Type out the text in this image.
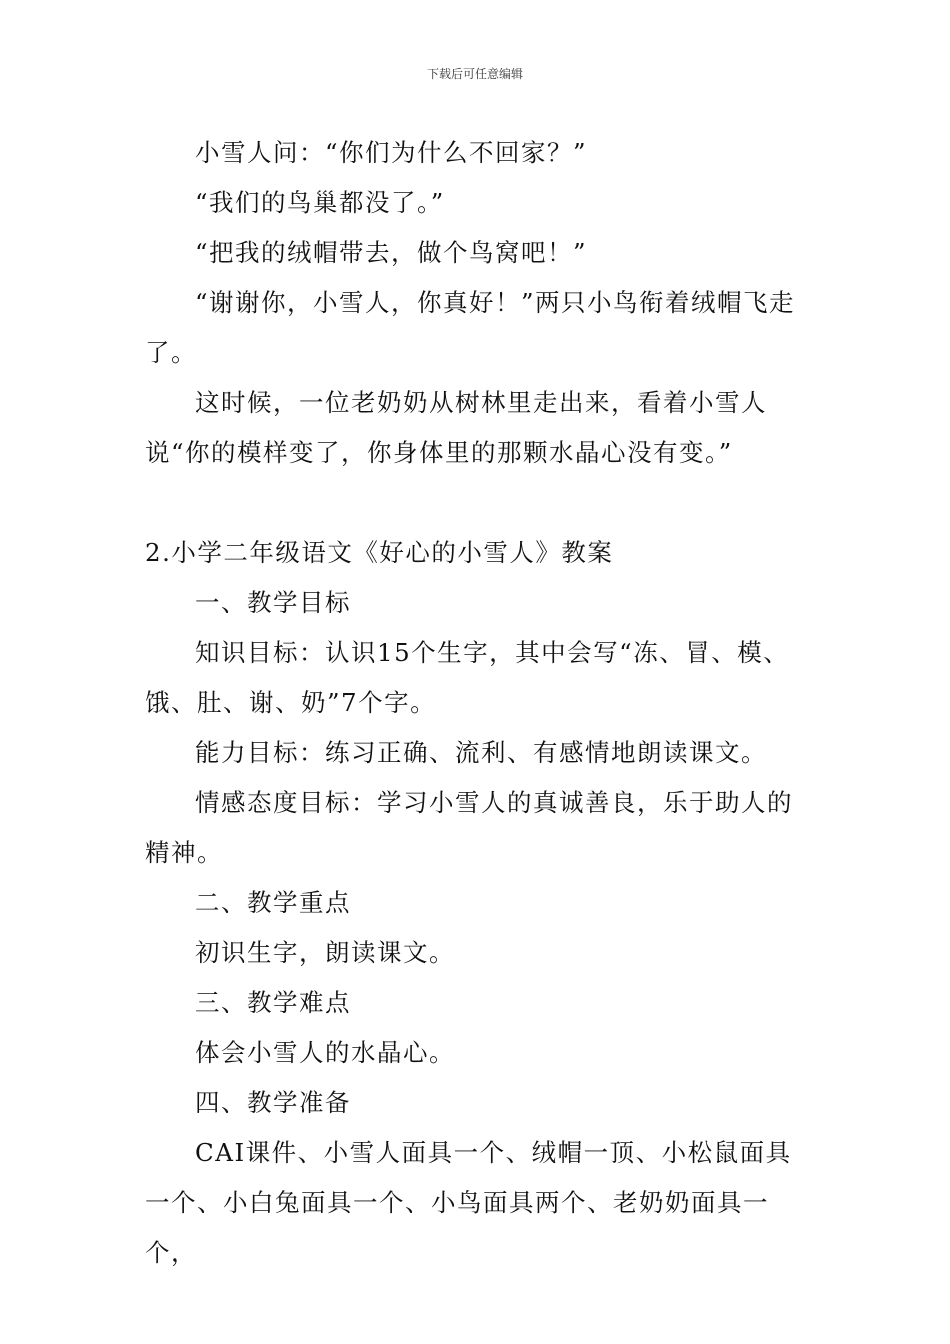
下载后可任意编辑

小雪人问：“你们为什么不回家？”

“我们的鸟巢都没了。”

“把我的绒帽带去，做个鸟窝吧！”

“谢谢你，小雪人，你真好！”两只小鸟衔着绒帽飞走了。

这时候，一位老奶奶从树林里走出来，看着小雪人说“你的模样变了，你身体里的那颗水晶心没有变。”

2.小学二年级语文《好心的小雪人》教案

一、教学目标

知识目标：认识15个生字，其中会写“冻、冒、模、饿、肚、谢、奶”7个字。

能力目标：练习正确、流利、有感情地朗读课文。

情感态度目标：学习小雪人的真诚善良，乐于助人的精神。

二、教学重点

初识生字，朗读课文。

三、教学难点

体会小雪人的水晶心。

四、教学准备

CAI课件、小雪人面具一个、绒帽一顶、小松鼠面具一个、小白兔面具一个、小鸟面具两个、老奶奶面具一个，
